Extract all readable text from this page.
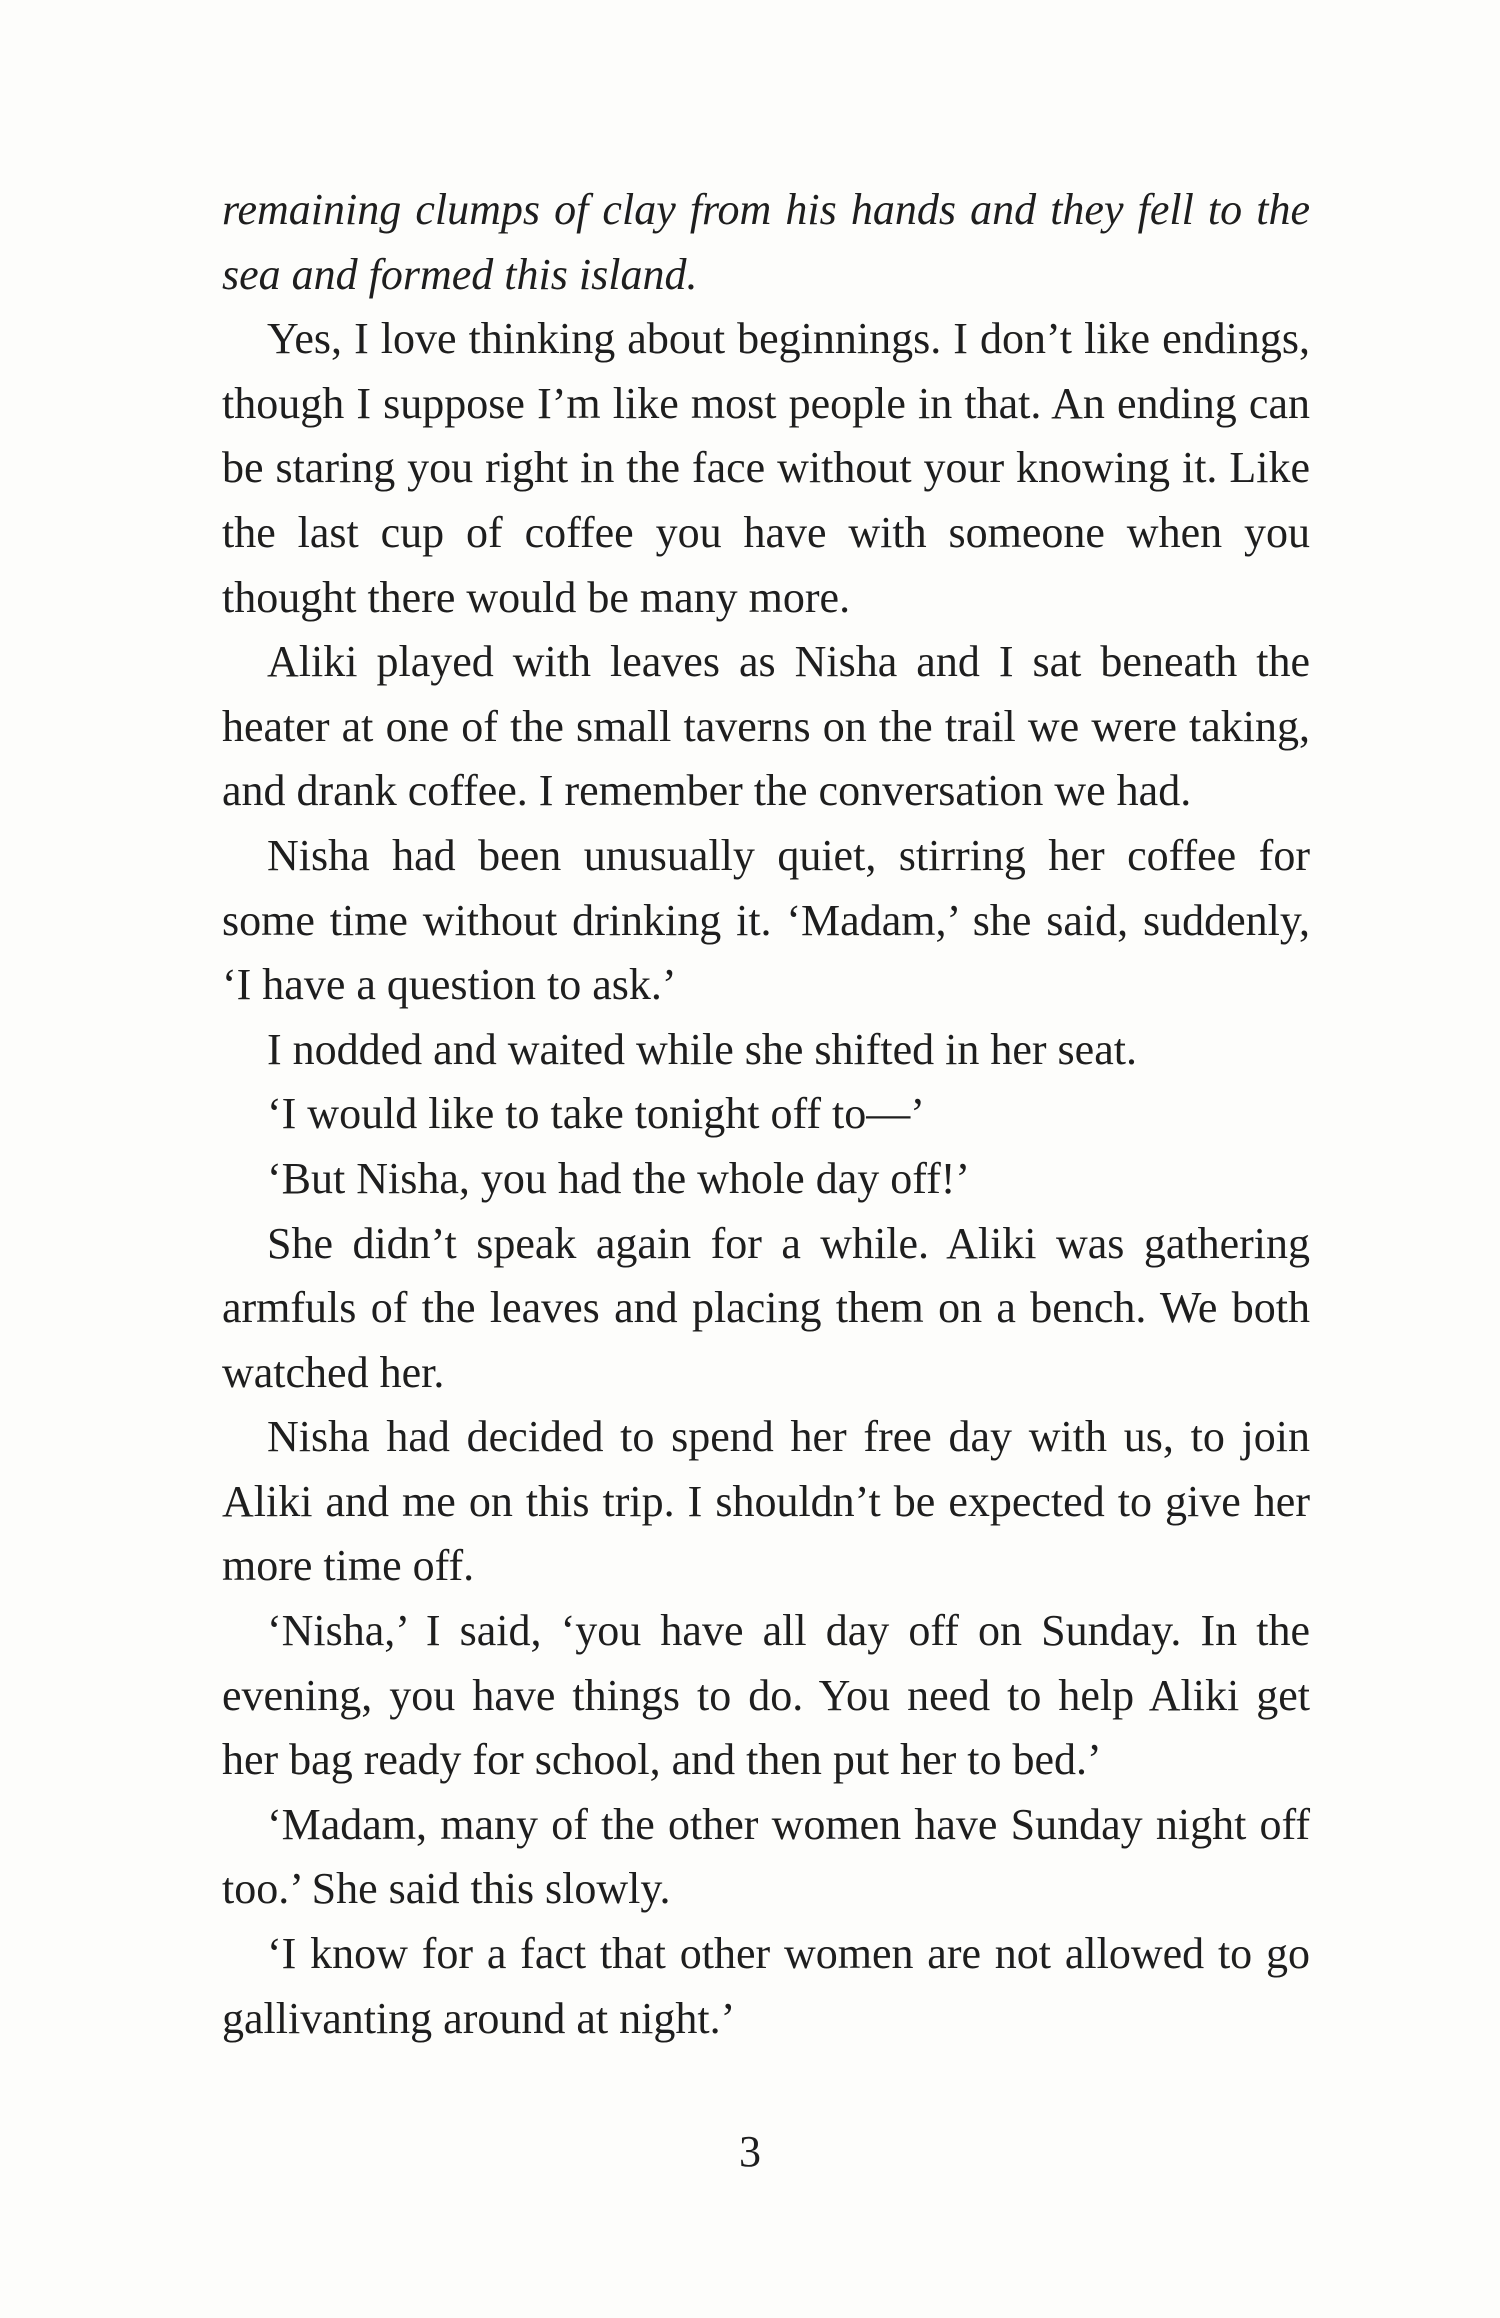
remaining clumps of clay from his hands and they fell to the sea and formed this island.

Yes, I love thinking about beginnings. I don’t like endings, though I suppose I’m like most people in that. An ending can be staring you right in the face without your knowing it. Like the last cup of coffee you have with someone when you thought there would be many more.

Aliki played with leaves as Nisha and I sat beneath the heater at one of the small taverns on the trail we were taking, and drank coffee. I remember the conversation we had.

Nisha had been unusually quiet, stirring her coffee for some time without drinking it. ‘Madam,’ she said, suddenly, ‘I have a question to ask.’

I nodded and waited while she shifted in her seat.

‘I would like to take tonight off to—’

‘But Nisha, you had the whole day off!’

She didn’t speak again for a while. Aliki was gathering armfuls of the leaves and placing them on a bench. We both watched her.

Nisha had decided to spend her free day with us, to join Aliki and me on this trip. I shouldn’t be expected to give her more time off.

‘Nisha,’ I said, ‘you have all day off on Sunday. In the evening, you have things to do. You need to help Aliki get her bag ready for school, and then put her to bed.’

‘Madam, many of the other women have Sunday night off too.’ She said this slowly.

‘I know for a fact that other women are not allowed to go gallivanting around at night.’

3
